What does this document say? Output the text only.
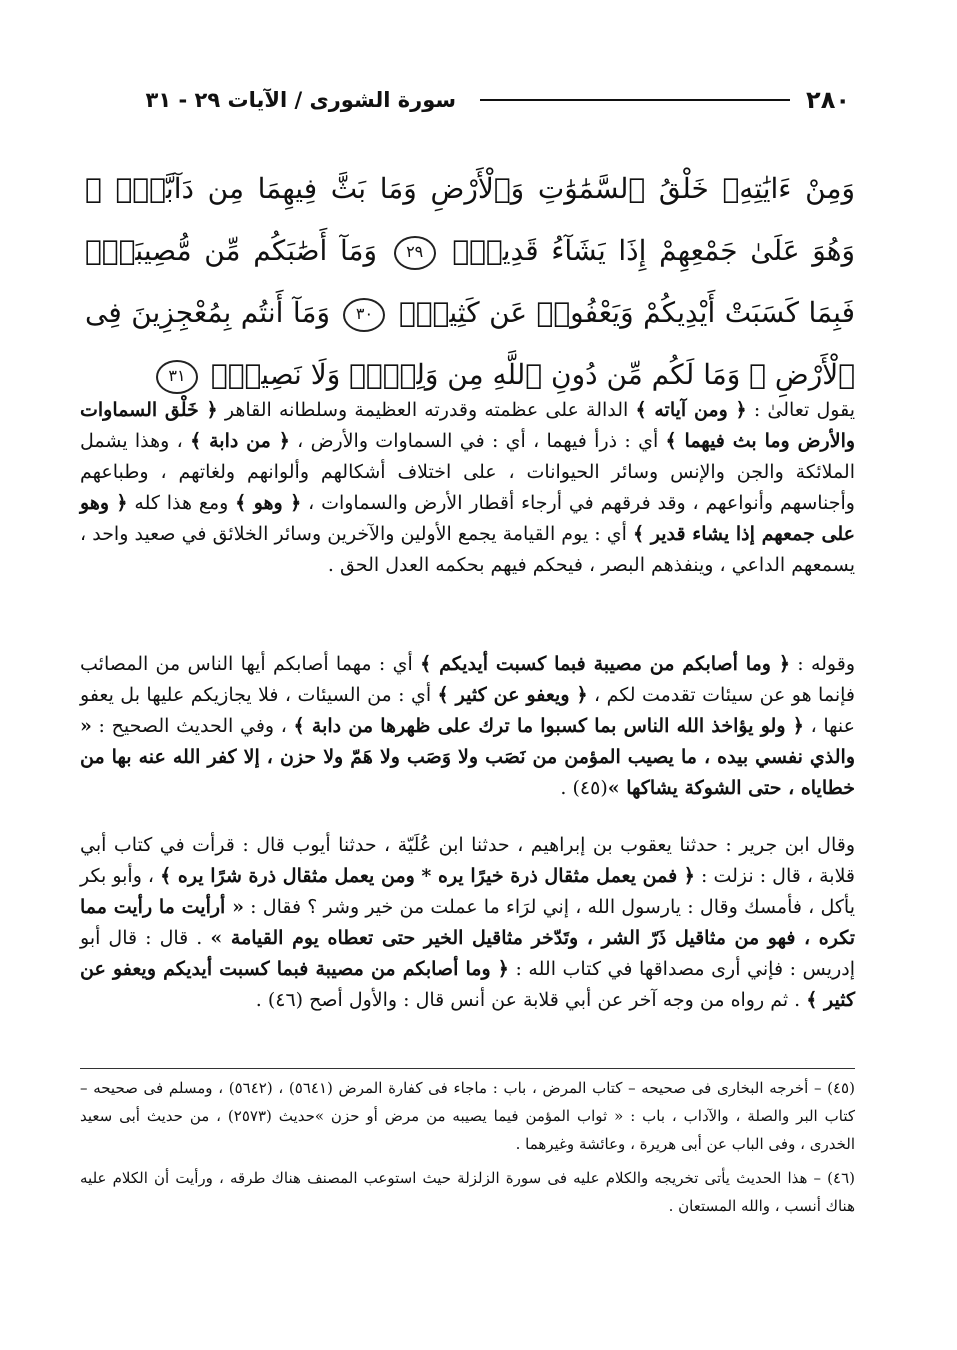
٢٨٠
سورة الشورى / الآيات ٢٩ - ٣١
وَمِنْ ءَايَٰتِهِۦ خَلْقُ ٱلسَّمَٰوَٰتِ وَٱلْأَرْضِ وَمَا بَثَّ فِيهِمَا مِن دَآبَّةٍۢ ۚ وَهُوَ عَلَىٰ جَمْعِهِمْ إِذَا يَشَآءُ قَدِيرٌۭ ٢٩ وَمَآ أَصَٰبَكُم مِّن مُّصِيبَةٍۢ فَبِمَا كَسَبَتْ أَيْدِيكُمْ وَيَعْفُوا۟ عَن كَثِيرٍۢ ٣٠ وَمَآ أَنتُم بِمُعْجِزِينَ فِى ٱلْأَرْضِ ۖ وَمَا لَكُم مِّن دُونِ ٱللَّهِ مِن وَلِىٍّۢ وَلَا نَصِيرٍۢ ٣١
يقول تعالىٰ : ﴿ ومن آياته ﴾ الدالة على عظمته وقدرته العظيمة وسلطانه القاهر ﴿ خَلْق السماوات والأرض وما بث فيهما ﴾ أي : ذرأ فيهما ، أي : في السماوات والأرض ، ﴿ من دابة ﴾ ، وهذا يشمل الملائكة والجن والإنس وسائر الحيوانات ، على اختلاف أشكالهم وألوانهم ولغاتهم ، وطباعهم وأجناسهم وأنواعهم ، وقد فرقهم في أرجاء أقطار الأرض والسماوات ، ﴿ وهو ﴾ ومع هذا كله ﴿ وهو على جمعهم إذا يشاء قدير ﴾ أي : يوم القيامة يجمع الأولين والآخرين وسائر الخلائق في صعيد واحد ، يسمعهم الداعي ، وينفذهم البصر ، فيحكم فيهم بحكمه العدل الحق .
وقوله : ﴿ وما أصابكم من مصيبة فبما كسبت أيديكم ﴾ أي : مهما أصابكم أيها الناس من المصائب فإنما هو عن سيئات تقدمت لكم ، ﴿ ويعفو عن كثير ﴾ أي : من السيئات ، فلا يجازيكم عليها بل يعفو عنها ، ﴿ ولو يؤاخذ الله الناس بما كسبوا ما ترك على ظهرها من دابة ﴾ ، وفي الحديث الصحيح : « والذي نفسي بيده ، ما يصيب المؤمن من نَصَب ولا وَصَب ولا هَمّ ولا حزن ، إلا كفر الله عنه بها من خطاياه ، حتى الشوكة يشاكها »(٤٥) .
وقال ابن جرير : حدثنا يعقوب بن إبراهيم ، حدثنا ابن عُلَيّة ، حدثنا أيوب قال : قرأت في كتاب أبي قلابة ، قال : نزلت : ﴿ فمن يعمل مثقال ذرة خيرًا يره * ومن يعمل مثقال ذرة شرًا يره ﴾ ، وأبو بكر يأكل ، فأمسك وقال : يارسول الله ، إني لرَاء ما عملت من خير وشر ؟ فقال : « أرأيت ما رأيت مما تكره ، فهو من مثاقيل ذَرّ الشر ، وتَدّخر مثاقيل الخير حتى تعطاه يوم القيامة » . قال : قال أبو إدريس : فإني أرى مصداقها في كتاب الله : ﴿ وما أصابكم من مصيبة فبما كسبت أيديكم ويعفو عن كثير ﴾ . ثم رواه من وجه آخر عن أبي قلابة عن أنس قال : والأول أصح (٤٦) .
(٤٥) – أخرجه البخارى فى صحيحه – كتاب المرض ، باب : ماجاء فى كفارة المرض (٥٦٤١) ، (٥٦٤٢) ، ومسلم فى صحيحه – كتاب البر والصلة ، والآداب ، باب : « ثواب المؤمن فيما يصيبه من مرض أو حزن »حديث (٢٥٧٣) ، من حديث أبى سعيد الخدرى ، وفى الباب عن أبى هريرة ، وعائشة وغيرهما .
(٤٦) – هذا الحديث يأتى تخريجه والكلام عليه فى سورة الزلزلة حيث استوعب المصنف هناك طرقه ، ورأيت أن الكلام عليه هناك أنسب ، والله المستعان .
